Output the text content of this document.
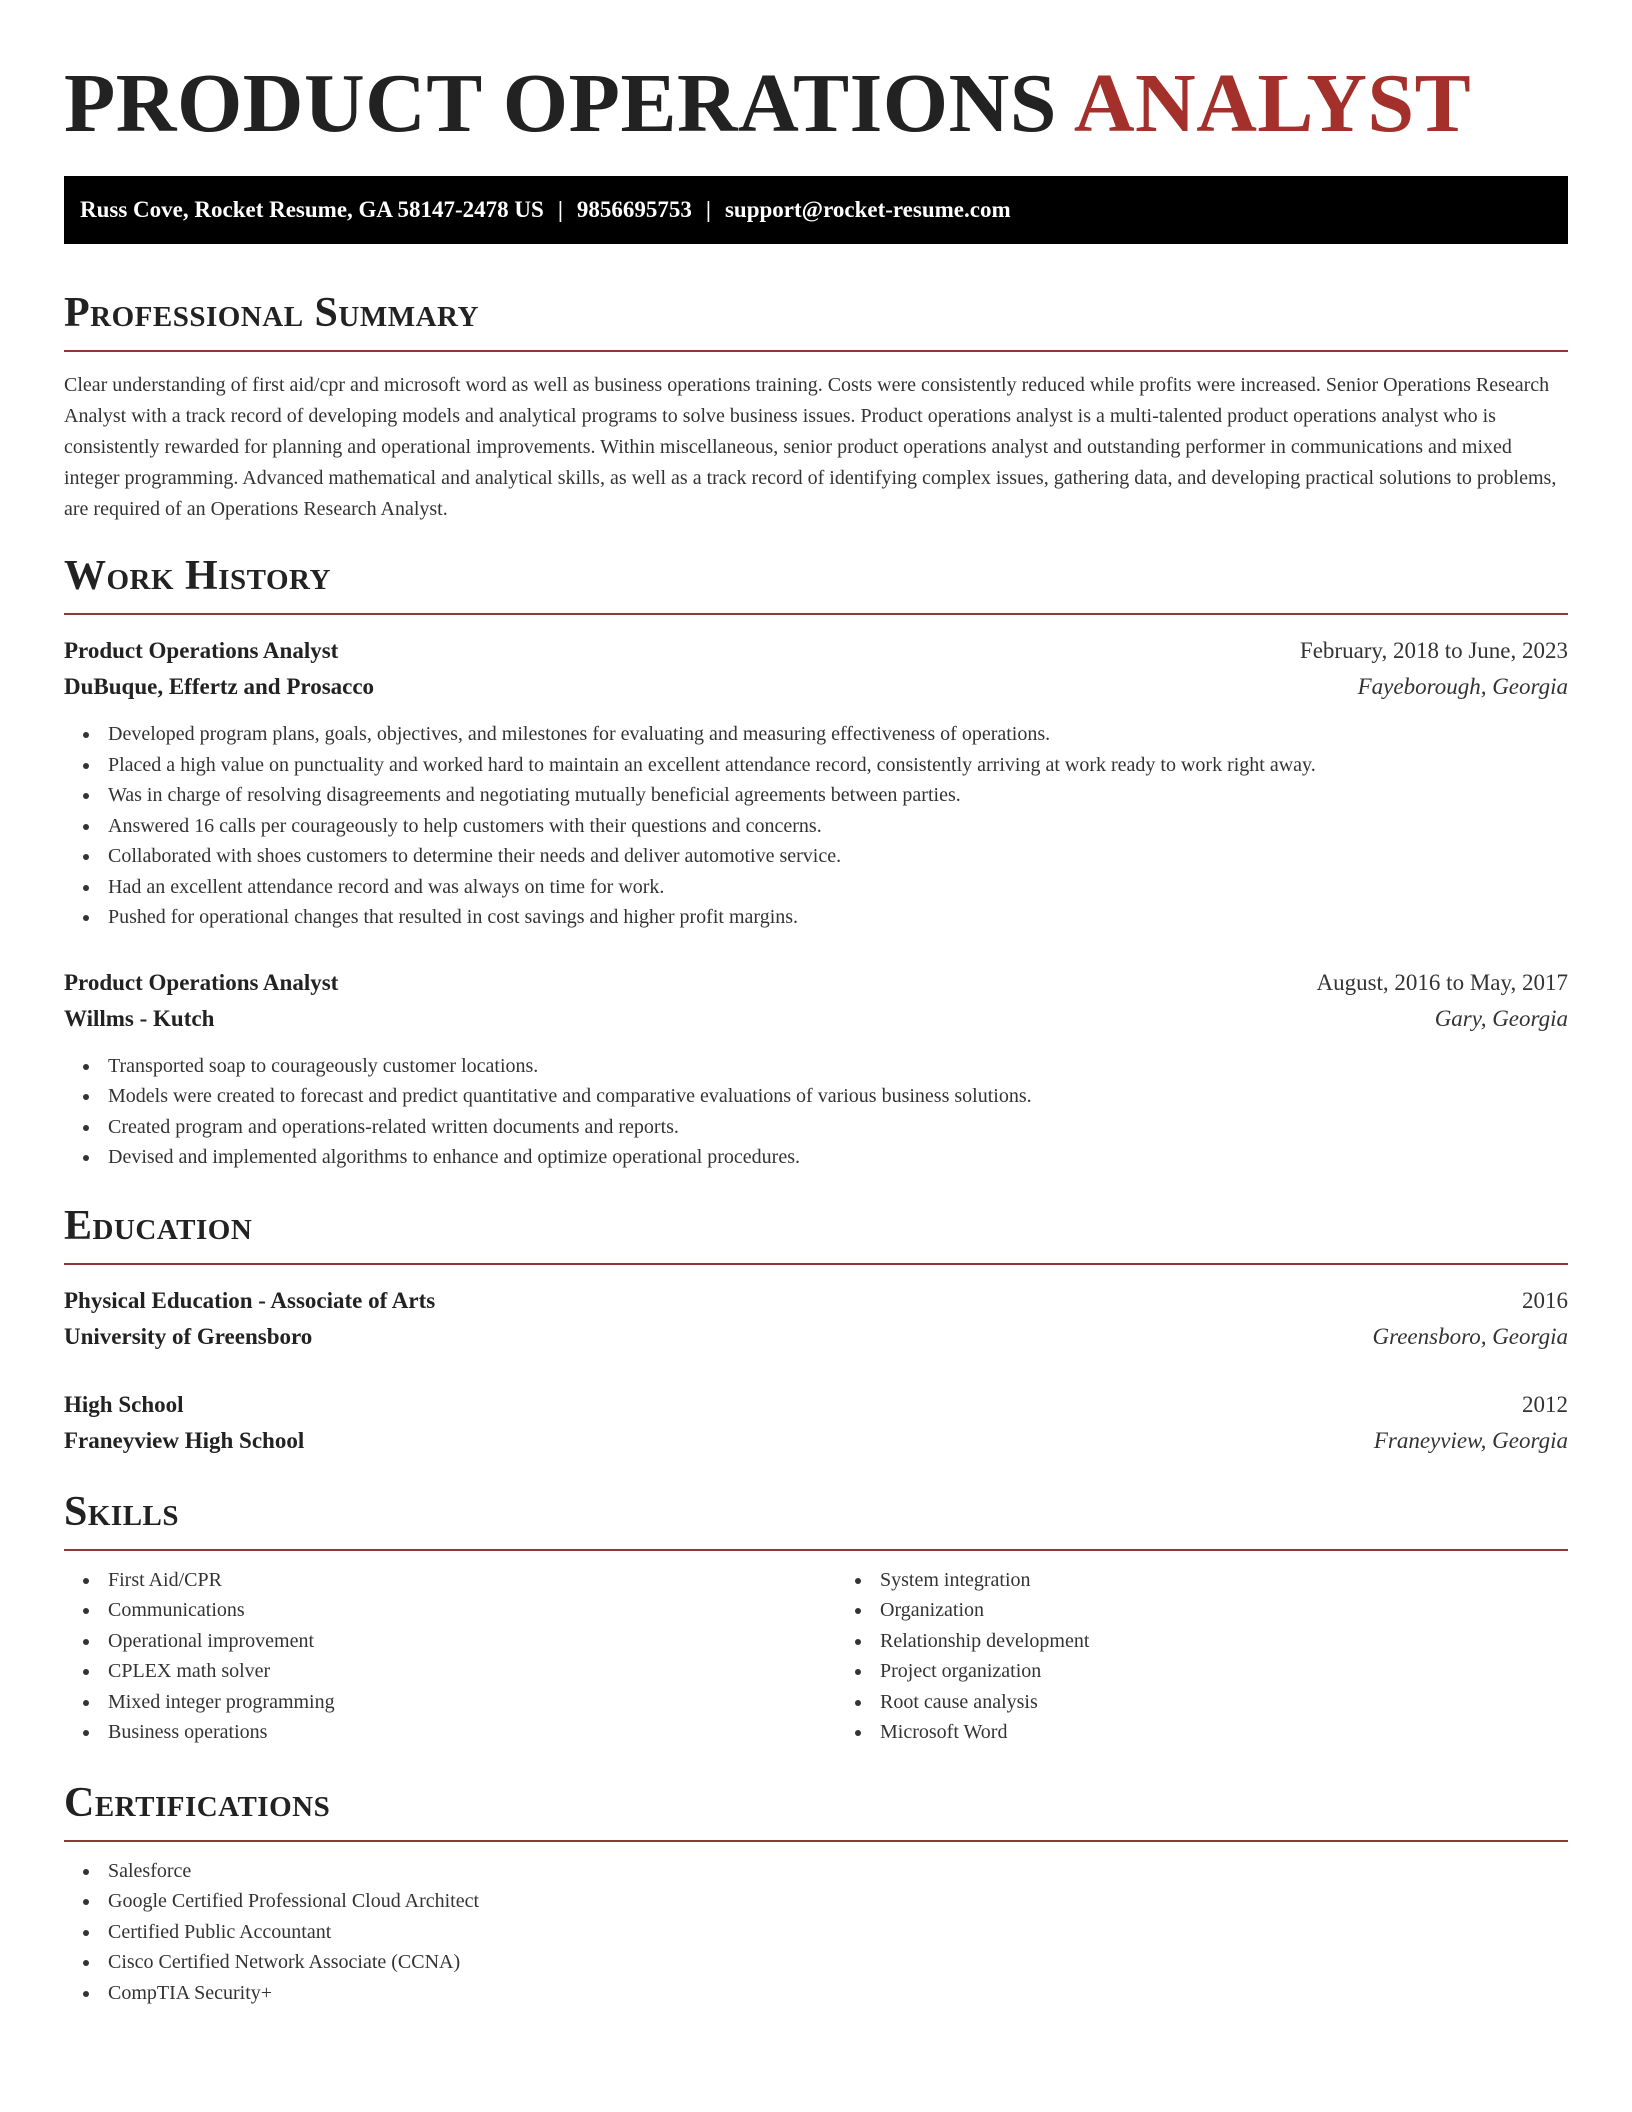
PRODUCT OPERATIONS ANALYST
Russ Cove, Rocket Resume, GA 58147-2478 US | 9856695753 | support@rocket-resume.com
Professional Summary

Clear understanding of first aid/cpr and microsoft word as well as business operations training. Costs were consistently reduced while profits were increased. Senior Operations Research Analyst with a track record of developing models and analytical programs to solve business issues. Product operations analyst is a multi-talented product operations analyst who is consistently rewarded for planning and operational improvements. Within miscellaneous, senior product operations analyst and outstanding performer in communications and mixed integer programming. Advanced mathematical and analytical skills, as well as a track record of identifying complex issues, gathering data, and developing practical solutions to problems, are required of an Operations Research Analyst.

Work History
Product Operations Analyst	February, 2018 to June, 2023
DuBuque, Effertz and Prosacco	Fayeborough, Georgia
Developed program plans, goals, objectives, and milestones for evaluating and measuring effectiveness of operations.
Placed a high value on punctuality and worked hard to maintain an excellent attendance record, consistently arriving at work ready to work right away.
Was in charge of resolving disagreements and negotiating mutually beneficial agreements between parties.
Answered 16 calls per courageously to help customers with their questions and concerns.
Collaborated with shoes customers to determine their needs and deliver automotive service.
Had an excellent attendance record and was always on time for work.
Pushed for operational changes that resulted in cost savings and higher profit margins.
Product Operations Analyst	August, 2016 to May, 2017
Willms - Kutch	Gary, Georgia
Transported soap to courageously customer locations.
Models were created to forecast and predict quantitative and comparative evaluations of various business solutions.
Created program and operations-related written documents and reports.
Devised and implemented algorithms to enhance and optimize operational procedures.
Education
Physical Education - Associate of Arts	2016
University of Greensboro	Greensboro, Georgia
High School	2012
Franeyview High School	Franeyview, Georgia
Skills
First Aid/CPR
Communications
Operational improvement
CPLEX math solver
Mixed integer programming
Business operations
System integration
Organization
Relationship development
Project organization
Root cause analysis
Microsoft Word
Certifications
Salesforce
Google Certified Professional Cloud Architect
Certified Public Accountant
Cisco Certified Network Associate (CCNA)
CompTIA Security+
